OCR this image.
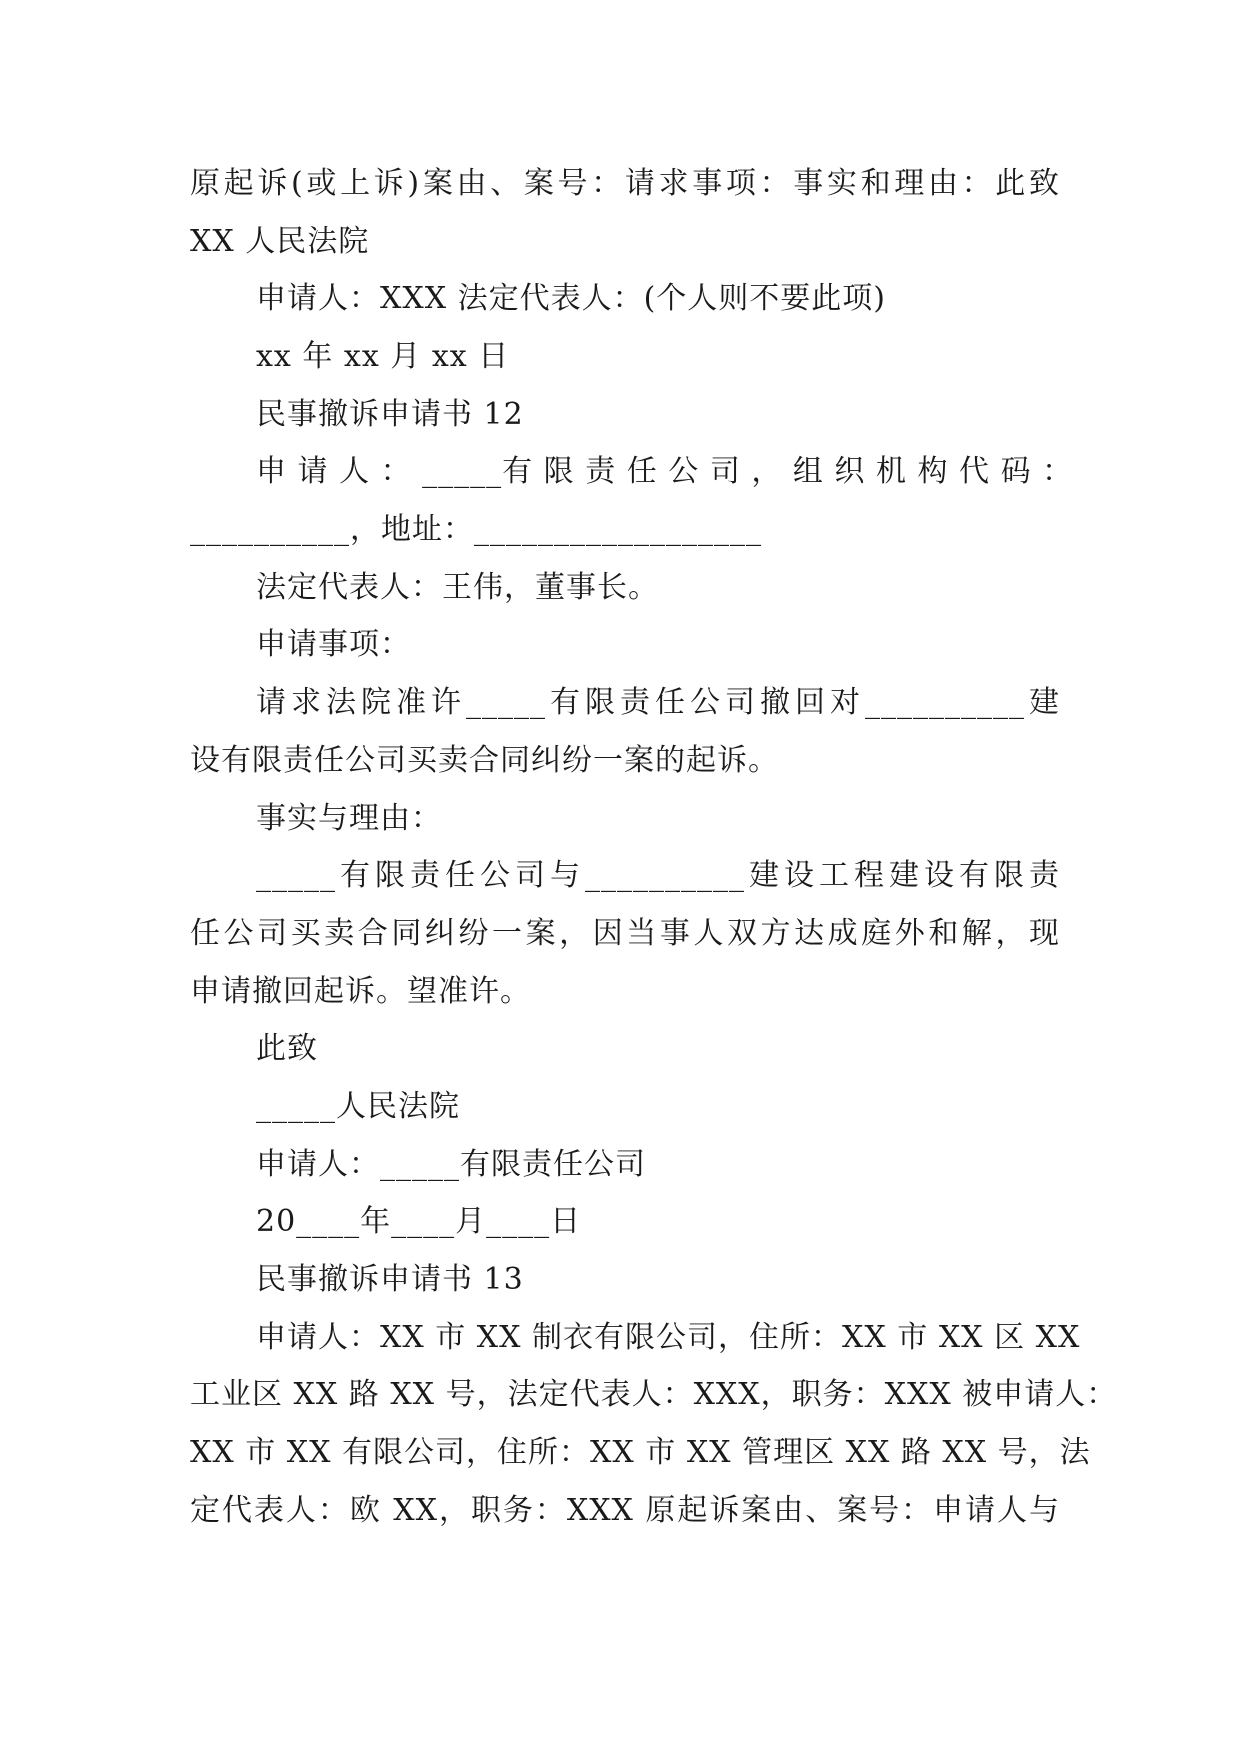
原起诉(或上诉)案由、案号：请求事项：事实和理由：此致
XX 人民法院
申请人：XXX 法定代表人：(个人则不要此项)
xx 年 xx 月 xx 日
民事撤诉申请书 12
申 请 人 ： _____有 限 责 任 公 司 ， 组 织 机 构 代 码 ：
__________，地址：__________________
法定代表人：王伟，董事长。
申请事项：
请求法院准许_____有限责任公司撤回对__________建
设有限责任公司买卖合同纠纷一案的起诉。
事实与理由：
_____有限责任公司与__________建设工程建设有限责
任公司买卖合同纠纷一案，因当事人双方达成庭外和解，现
申请撤回起诉。望准许。
此致
_____人民法院
申请人：_____有限责任公司
20____年____月____日
民事撤诉申请书 13
申请人：XX 市 XX 制衣有限公司，住所：XX 市 XX 区 XX
工业区 XX 路 XX 号，法定代表人：XXX，职务：XXX 被申请人：
XX 市 XX 有限公司，住所：XX 市 XX 管理区 XX 路 XX 号，法
定代表人：欧 XX，职务：XXX 原起诉案由、案号：申请人与
